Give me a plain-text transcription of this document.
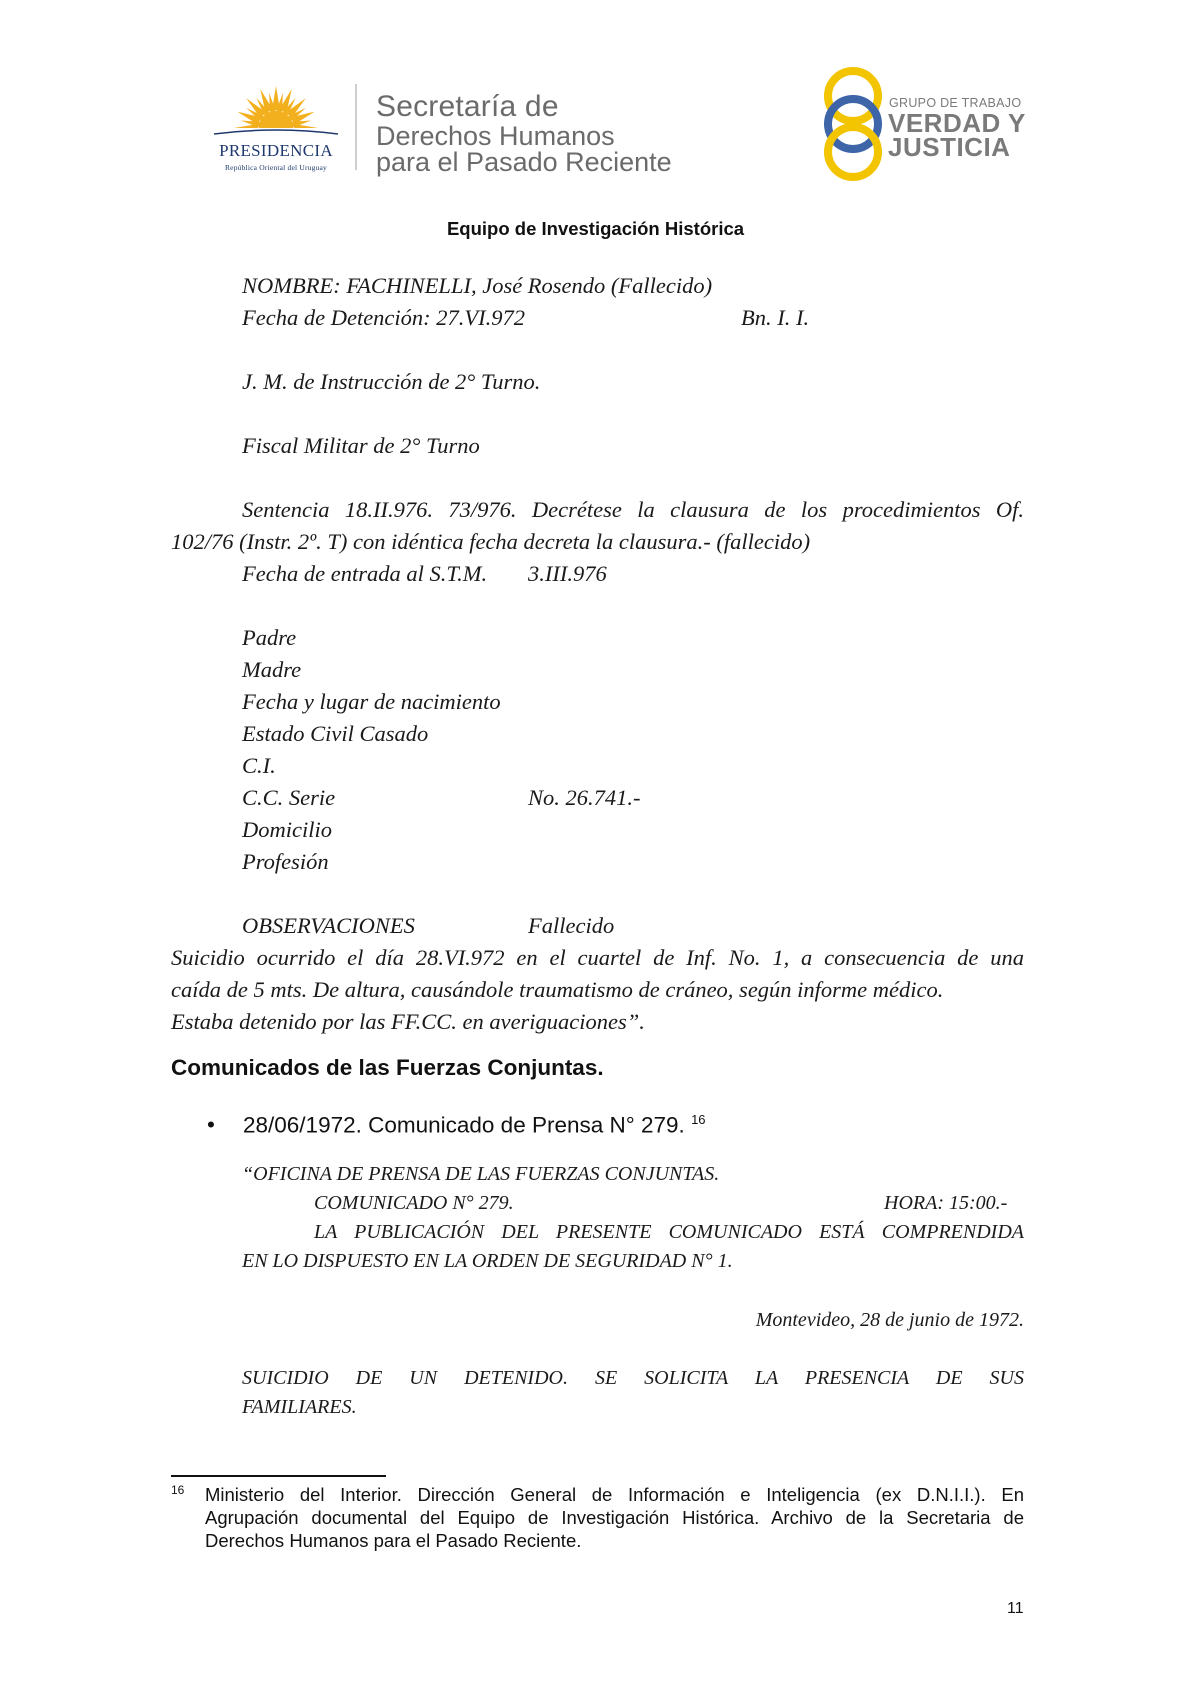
PRESIDENCIA
República Oriental del Uruguay
Secretaría de
Derechos Humanos
para el Pasado Reciente
GRUPO DE TRABAJO
VERDAD Y
JUSTICIA
Equipo de Investigación Histórica
NOMBRE: FACHINELLI, José Rosendo (Fallecido)
Fecha de Detención: 27.VI.972	Bn. I. I.
J. M. de Instrucción de 2° Turno.
Fiscal Militar de 2° Turno
Sentencia 18.II.976. 73/976. Decrétese la clausura de los procedimientos Of.
102/76 (Instr. 2º. T) con idéntica fecha decreta la clausura.- (fallecido)
Fecha de entrada al S.T.M. 3.III.976
Padre
Madre
Fecha y lugar de nacimiento
Estado Civil Casado
C.I.
C.C. Serie	No. 26.741.-
Domicilio
Profesión
OBSERVACIONES	Fallecido
Suicidio ocurrido el día 28.VI.972 en el cuartel de Inf. No. 1, a consecuencia de una
caída de 5 mts. De altura, causándole traumatismo de cráneo, según informe médico.
Estaba detenido por las FF.CC. en averiguaciones”.
Comunicados de las Fuerzas Conjuntas.
• 28/06/1972. Comunicado de Prensa N° 279. $^{16}$
“OFICINA DE PRENSA DE LAS FUERZAS CONJUNTAS.
COMUNICADO N° 279.	HORA: 15:00.-
LA PUBLICACIÓN DEL PRESENTE COMUNICADO ESTÁ COMPRENDIDA
EN LO DISPUESTO EN LA ORDEN DE SEGURIDAD N° 1.
Montevideo, 28 de junio de 1972.
SUICIDIO DE UN DETENIDO. SE SOLICITA LA PRESENCIA DE SUS
FAMILIARES.
16 Ministerio del Interior. Dirección General de Información e Inteligencia (ex D.N.I.I.). En
Agrupación documental del Equipo de Investigación Histórica. Archivo de la Secretaria de
Derechos Humanos para el Pasado Reciente.
11
